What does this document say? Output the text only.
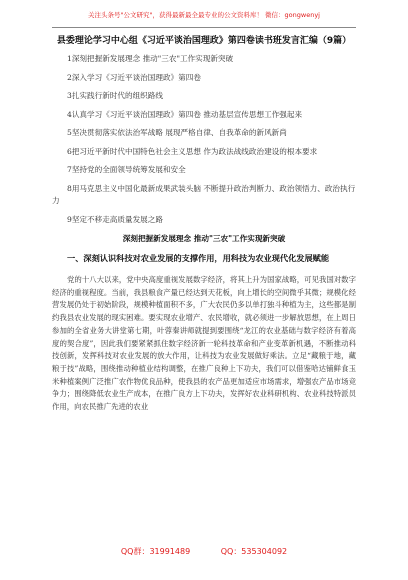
关注头条号"公文研究"，获得最新最全最专业的公文资料库！ 微信：gongwenyj
县委理论学习中心组《习近平谈治国理政》第四卷读书班发言汇编（9篇）
1深刻把握新发展理念 推动"三农"工作实现新突破
2深入学习《习近平谈治国理政》第四卷
3扎实践行新时代的组织路线
4认真学习《习近平谈治国理政》第四卷 推动基层宣传思想工作强起来
5坚决贯彻落实依法治军战略 展现严格自律、自我革命的新风新尚
6把习近平新时代中国特色社会主义思想 作为政法战线政治建设的根本要求
7坚持党的全面领导统筹发展和安全
8用马克思主义中国化最新成果武装头脑 不断提升政治判断力、政治领悟力、政治执行力
9坚定不移走高质量发展之路
深刻把握新发展理念 推动"三农"工作实现新突破
一、深刻认识科技对农业发展的支撑作用，用科技为农业现代化发展赋能

党的十八大以来，党中央高度重视发展数字经济，将其上升为国家战略，可见我国对数字经济的重视程度。当前，我县粮食产量已经达到天花板，向上增长的空间微乎其微；规模化经营发展仍处于初始阶段，规模种植面积不多，广大农民仍多以单打独斗种植为主，这些都是制约我县农业发展的现实困难。要实现农业增产、农民增收，就必须进一步解放思想，在上周日参加的全省业务大讲堂第七期，叶蓉秦讲师就提到要围绕“龙江的农业基础与数字经济有着高度的契合度”，因此我们要紧紧抓住数字经济新一轮科技革命和产业变革新机遇，不断推动科技创新，发挥科技对农业发展的放大作用，让科技为农业发展做好乘法。立足“藏粮于地，藏粮于技”战略，围绕推动种植业结构调整，在推广良种上下功夫，我们可以借鉴哈达铺鲜食玉米种植案例广泛推广农作物优良品种，使我县的农产品更加适应市场需求，增强农产品市场竞争力；围绕降低农业生产成本，在推广良方上下功夫，发挥好农业科研机构、农业科技特派员作用，向农民推广先进的农业

QQ群：31991489	QQ：535304092
